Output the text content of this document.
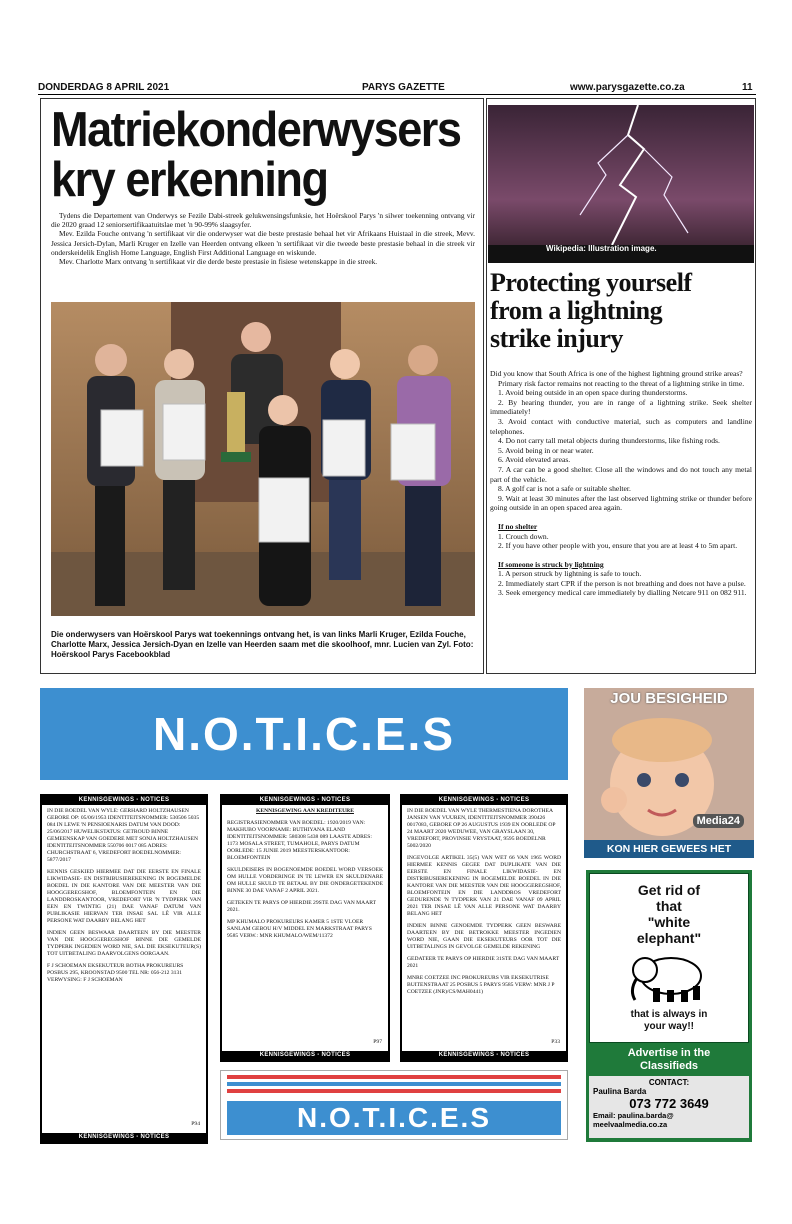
DONDERDAG 8 APRIL 2021	PARYS GAZETTE	www.parysgazette.co.za	11
Matriekonderwysers
kry erkenning

Tydens die Departement van Onderwys se Fezile Dabi-streek gelukwensingsfunksie, het Hoërskool Parys 'n silwer toekenning ontvang vir die 2020 graad 12 seniorsertifikaatuitslae met 'n 90-99% slaagsyfer.

Mev. Ezilda Fouche ontvang 'n sertifikaat vir die onderwyser wat die beste prestasie behaal het vir Afrikaans Huistaal in die streek, Mevv. Jessica Jersich-Dylan, Marli Kruger en Izelle van Heerden ontvang elkeen 'n sertifikaat vir die tweede beste prestasie behaal in die streek vir onderskeidelik English Home Language, English First Additional Language en wiskunde.

Mev. Charlotte Marx ontvang 'n sertifikaat vir die derde beste prestasie in fisiese wetenskappe in die streek.

Die onderwysers van Hoërskool Parys wat toekennings ontvang het, is van links Marli Kruger, Ezilda Fouche, Charlotte Marx, Jessica Jersich-Dyan en Izelle van Heerden saam met die skoolhoof, mnr. Lucien van Zyl. Foto: Hoërskool Parys Facebookblad
Wikipedia: Illustration image.
Protecting yourself
from a lightning
strike injury
Did you know that South Africa is one of the highest lightning ground strike areas?

Primary risk factor remains not reacting to the threat of a lightning strike in time.

1. Avoid being outside in an open space during thunderstorms.

2. By hearing thunder, you are in range of a lightning strike. Seek shelter immediately!

3. Avoid contact with conductive material, such as computers and landline telephones.

4. Do not carry tall metal objects during thunderstorms, like fishing rods.

5. Avoid being in or near water.

6. Avoid elevated areas.

7. A car can be a good shelter. Close all the windows and do not touch any metal part of the vehicle.

8. A golf car is not a safe or suitable shelter.

9. Wait at least 30 minutes after the last observed lightning strike or thunder before going outside in an open spaced area again.

If no shelter

1. Crouch down.

2. If you have other people with you, ensure that you are at least 4 to 5m apart.

If someone is struck by lightning

1. A person struck by lightning is safe to touch.

2. Immediately start CPR if the person is not breathing and does not have a pulse.

3. Seek emergency medical care immediately by dialling Netcare 911 on 082 911.

N.O.T.I.C.E.S
KENNISGEWINGS - NOTICES

IN DIE BOEDEL VAN WYLE: GERHARD HOLTZHAUSEN GEBORE OP: 05/06/1953 IDENTITEITSNOMMER: 530506 5035 084 IN LEWE 'N PENSIOENARIS DATUM VAN DOOD: 25/06/2017 HUWELIKSTATUS: GETROUD BINNE GEMEENSKAP VAN GOEDERE MET SONJA HOLTZHAUSEN IDENTITEITSNOMMER 550706 0017 085 ADRES: CHURCHSTRAAT 6, VREDEFORT BOEDELNOMMER: 5877/2017

KENNIS GESKIED HIERMEE DAT DIE EERSTE EN FINALE LIKWIDASIE- EN DISTRIBUSIEREKENING IN BOGEMELDE BOEDEL IN DIE KANTORE VAN DIE MEESTER VAN DIE HOOGGEREGSHOF, BLOEMFONTEIN EN DIE LANDDROSKANTOOR, VREDEFORT VIR 'N TYDPERK VAN EEN EN TWINTIG (21) DAE VANAF DATUM VAN PUBLIKASIE HIERVAN TER INSAE SAL LÊ VIR ALLE PERSONE WAT DAARBY BELANG HET

INDIEN GEEN BESWAAR DAARTEEN BY DIE MEESTER VAN DIE HOOGGEREGSHOF BINNE DIE GEMELDE TYDPERK INGEDIEN WORD NIE, SAL DIE EKSEKUTEUR(S) TOT UITBETALING DAARVOLGENS OORGAAN.

F J SCHOEMAN EKSEKUTEUR BOTHA PROKUREURS POSBUS 295, KROONSTAD 9500 TEL NR: 056-212 3131 VERWYSING: F J SCHOEMAN

P94
KENNISGEWINGS - NOTICES
KENNISGEWINGS - NOTICES

KENNISGEWING AAN KREDITEURE

REGISTRASIENOMMER VAN BOEDEL: 1920/2019 VAN: MAKHUBO VOORNAME: BUTHIYANA ELAND IDENTITEITSNOMMER: 580308 5438 089 LAASTE ADRES: 1173 MOSALA STREET, TUMAHOLE, PARYS DATUM OORLEDE: 15 JUNIE 2019 MEESTERSKANTOOR: BLOEMFONTEIN

SKULDEISERS IN BOGENOEMDE BOEDEL WORD VERSOEK OM HULLE VORDERINGE IN TE LEWER EN SKULDENARE OM HULLE SKULD TE BETAAL BY DIE ONDERGETEKENDE BINNE 30 DAE VANAF 2 APRIL 2021.

GETEKEN TE PARYS OP HIERDIE 29STE DAG VAN MAART 2021.

MP KHUMALO PROKUREURS KAMER 5 1STE VLOER SANLAM GEBOU H/V MIDDEL EN MARKSTRAAT PARYS 9585 VERW.: MNR KHUMALO/WEM/11372

P97
KENNISGEWINGS - NOTICES
KENNISGEWINGS - NOTICES

IN DIE BOEDEL VAN WYLE THERMESTIENA DOROTHEA JANSEN VAN VUUREN, IDENTITEITSNOMMER 390426 0017083, GEBORE OP 26 AUGUSTUS 1939 EN OORLEDE OP 24 MAART 2020 WEDUWEE, VAN GRAYSLAAN 30, VREDEFORT, PROVINSIE VRYSTAAT, 9595 BOEDELNR 5002/2020

INGEVOLGE ARTIKEL 35(5) VAN WET 66 VAN 1965 WORD HIERMEE KENNIS GEGEE DAT DUPLIKATE VAN DIE EERSTE EN FINALE LIKWIDASIE- EN DISTRIBUSIEREKENING IN BOGEMELDE BOEDEL IN DIE KANTORE VAN DIE MEESTER VAN DIE HOOGGEREGSHOF, BLOEMFONTEIN EN DIE LANDDROS VREDEFORT GEDURENDE 'N TYDPERK VAN 21 DAE VANAF 09 APRIL 2021 TER INSAE LÊ VAN ALLE PERSONE WAT DAARBY BELANG HET

INDIEN BINNE GENOEMDE TYDPERK GEEN BESWARE DAARTEEN BY DIE BETROKKE MEESTER INGEDIEN WORD NIE, GAAN DIE EKSEKUTEURS OOR TOT DIE UITBETALINGS IN GEVOLGE GEMELDE REKENING

GEDATEER TE PARYS OP HIERDIE 31STE DAG VAN MAART 2021

MNRE COETZEE INC PROKUREURS VIR EKSEKUTRISE BUITENSTRAAT 25 POSBUS 5 PARYS 9585 VERW: MNR J P COETZEE (JNR)/CS/MAH0441)

P33
KENNISGEWINGS - NOTICES
N.O.T.I.C.E.S
JOU BESIGHEID
Media24
KON HIER GEWEES HET
Get rid of
that
"white
elephant"
that is always in
your way!!
Advertise in the
Classifieds
CONTACT:
Paulina Barda
073 772 3649
Email: paulina.barda@
meelvaalmedia.co.za
